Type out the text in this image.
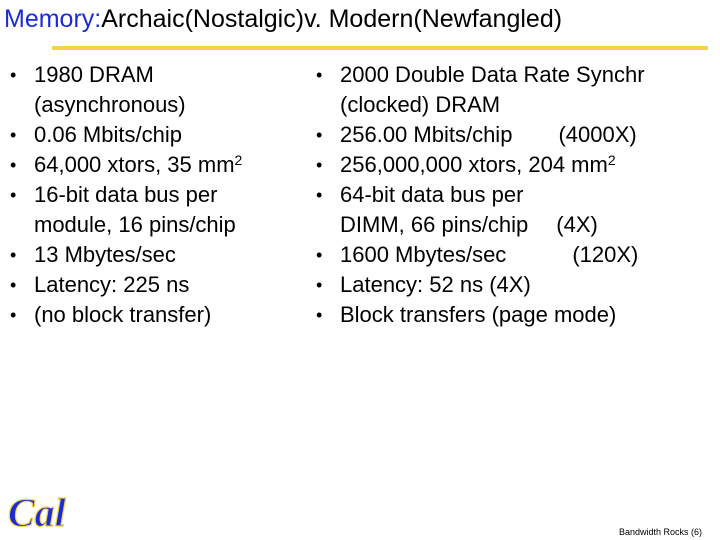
Memory:Archaic(Nostalgic)v. Modern(Newfangled)
• 1980 DRAM
(asynchronous)
• 0.06 Mbits/chip
• 64,000 xtors, 35 $mm^2$
• 16-bit data bus per
module, 16 pins/chip
• 13 Mbytes/sec
• Latency: 225 ns
• (no block transfer)
• 2000 Double Data Rate Synchr
(clocked) DRAM
• 256.00 Mbits/chip (4000X)
• 256,000,000 xtors, 204 $mm^2$
• 64-bit data bus per
DIMM, 66 pins/chip (4X)
• 1600 Mbytes/sec	(120X)
• Latency: 52 ns (4X)
• Block transfers (page mode)
Cal	Bandwidth Rocks (6)
